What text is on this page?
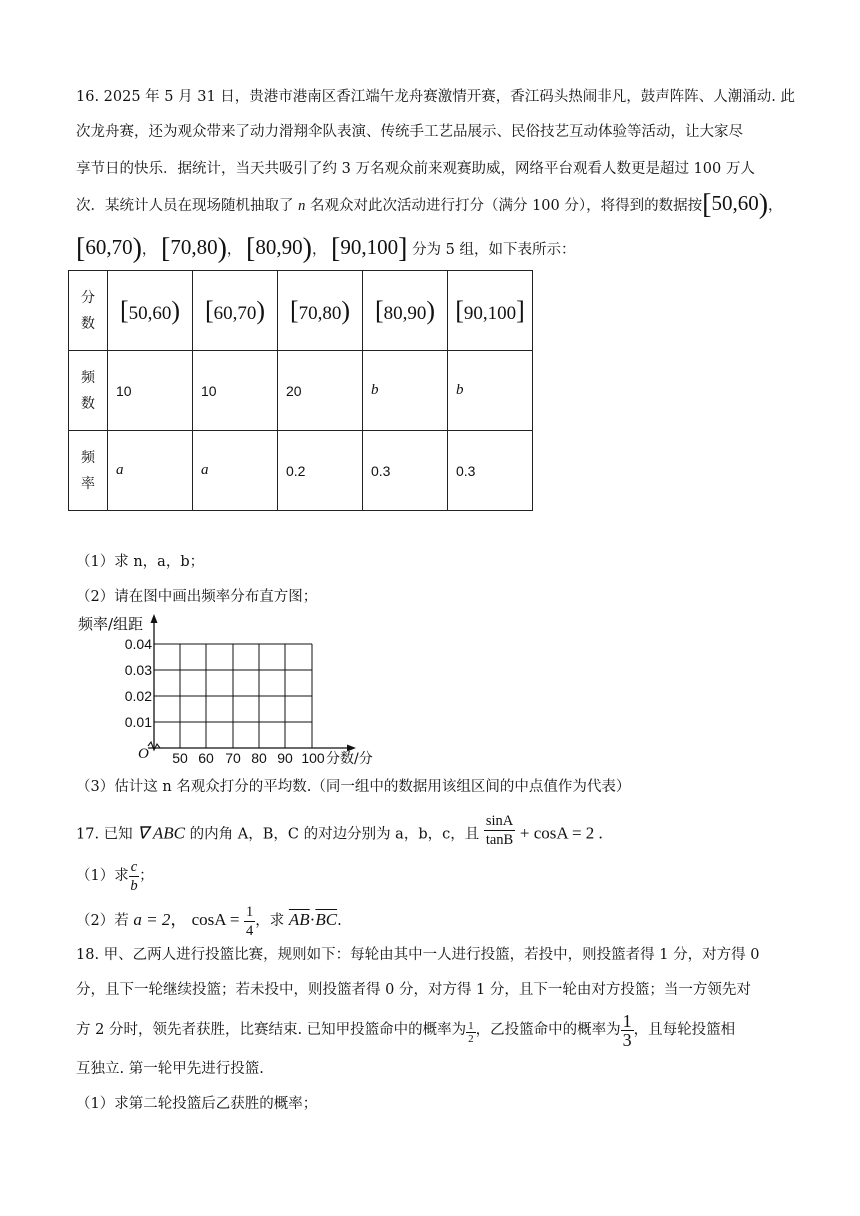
16. 2025 年 5 月 31 日，贵港市港南区香江端午龙舟赛激情开赛，香江码头热闹非凡，鼓声阵阵、人潮涌动. 此
次龙舟赛，还为观众带来了动力滑翔伞队表演、传统手工艺品展示、民俗技艺互动体验等活动，让大家尽
享节日的快乐．据统计，当天共吸引了约 3 万名观众前来观赛助威，网络平台观看人数更是超过 100 万人
次．某统计人员在现场随机抽取了 n 名观众对此次活动进行打分（满分 100 分），将得到的数据按[50,60)，
[60,70)， [70,80)， [80,90)， [90,100] 分为 5 组，如下表所示：
分
数	[50,60)	[60,70)	[70,80)	[80,90)	[90,100]
频
数	10	10	20	b	b
频
率	a	a	0.2	0.3	0.3
（1）求 n，a，b；
（2）请在图中画出频率分布直方图；
频率/组距
0.04
0.03
0.02
0.01
50 60 70 80 90 100 分数/分
O
（3）估计这 n 名观众打分的平均数.（同一组中的数据用该组区间的中点值作为代表）
17. 已知 ∇ ABC 的内角 A，B，C 的对边分别为 a，b，c，且 $\frac{\sin A}{\tan B} + \cos A = 2$ .
（1）求 $\frac{c}{b}$ ；
（2）若 a = 2， $\cos A = \frac{1}{4}$ ，求 $\overline{AB}\cdot\overline{BC}$.
18. 甲、乙两人进行投篮比赛，规则如下：每轮由其中一人进行投篮，若投中，则投篮者得 1 分，对方得 0
分，且下一轮继续投篮；若未投中，则投篮者得 0 分，对方得 1 分，且下一轮由对方投篮；当一方领先对
方 2 分时，领先者获胜，比赛结束. 已知甲投篮命中的概率为 $\frac{1}{2}$ ，乙投篮命中的概率为 $\frac{1}{3}$ ，且每轮投篮相
互独立. 第一轮甲先进行投篮.
（1）求第二轮投篮后乙获胜的概率；
